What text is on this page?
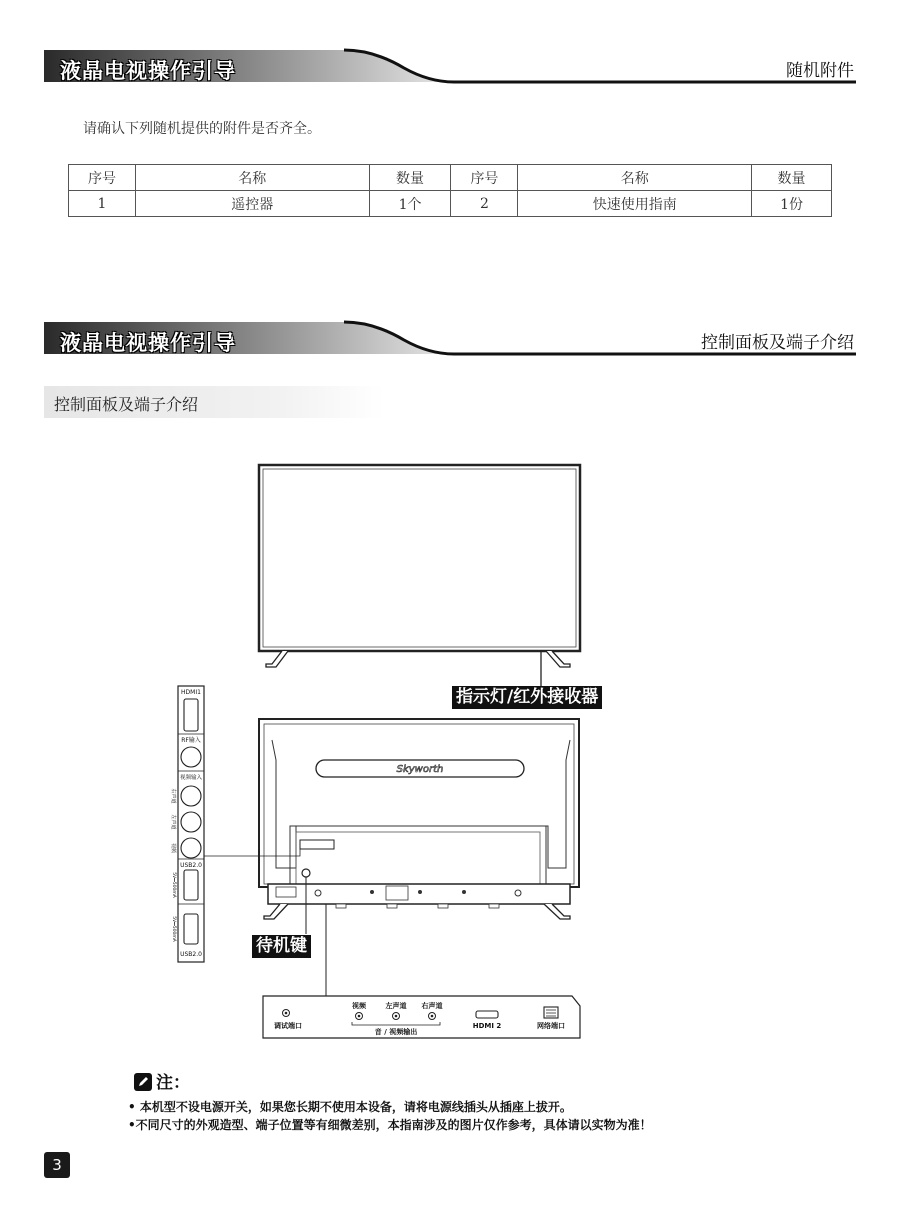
液晶电视操作引导	随机附件
请确认下列随机提供的附件是否齐全。
序号	名称	数量	序号	名称	数量
1	遥控器	1个	2	快速使用指南	1份
液晶电视操作引导	控制面板及端子介绍
控制面板及端子介绍
Skyworth
HDMI1
RF输入
视频输入
右声道
左声道
视频
USB2.0
5V⎓500mA
5V⎓500mA
USB2.0
调试端口
视频	左声道 右声道
音 / 视频输出
HDMI 2	网络端口
指示灯/红外接收器
待机键
注：
• 本机型不设电源开关，如果您长期不使用本设备，请将电源线插头从插座上拔开。
•不同尺寸的外观造型、端子位置等有细微差别，本指南涉及的图片仅作参考，具体请以实物为准！
3
